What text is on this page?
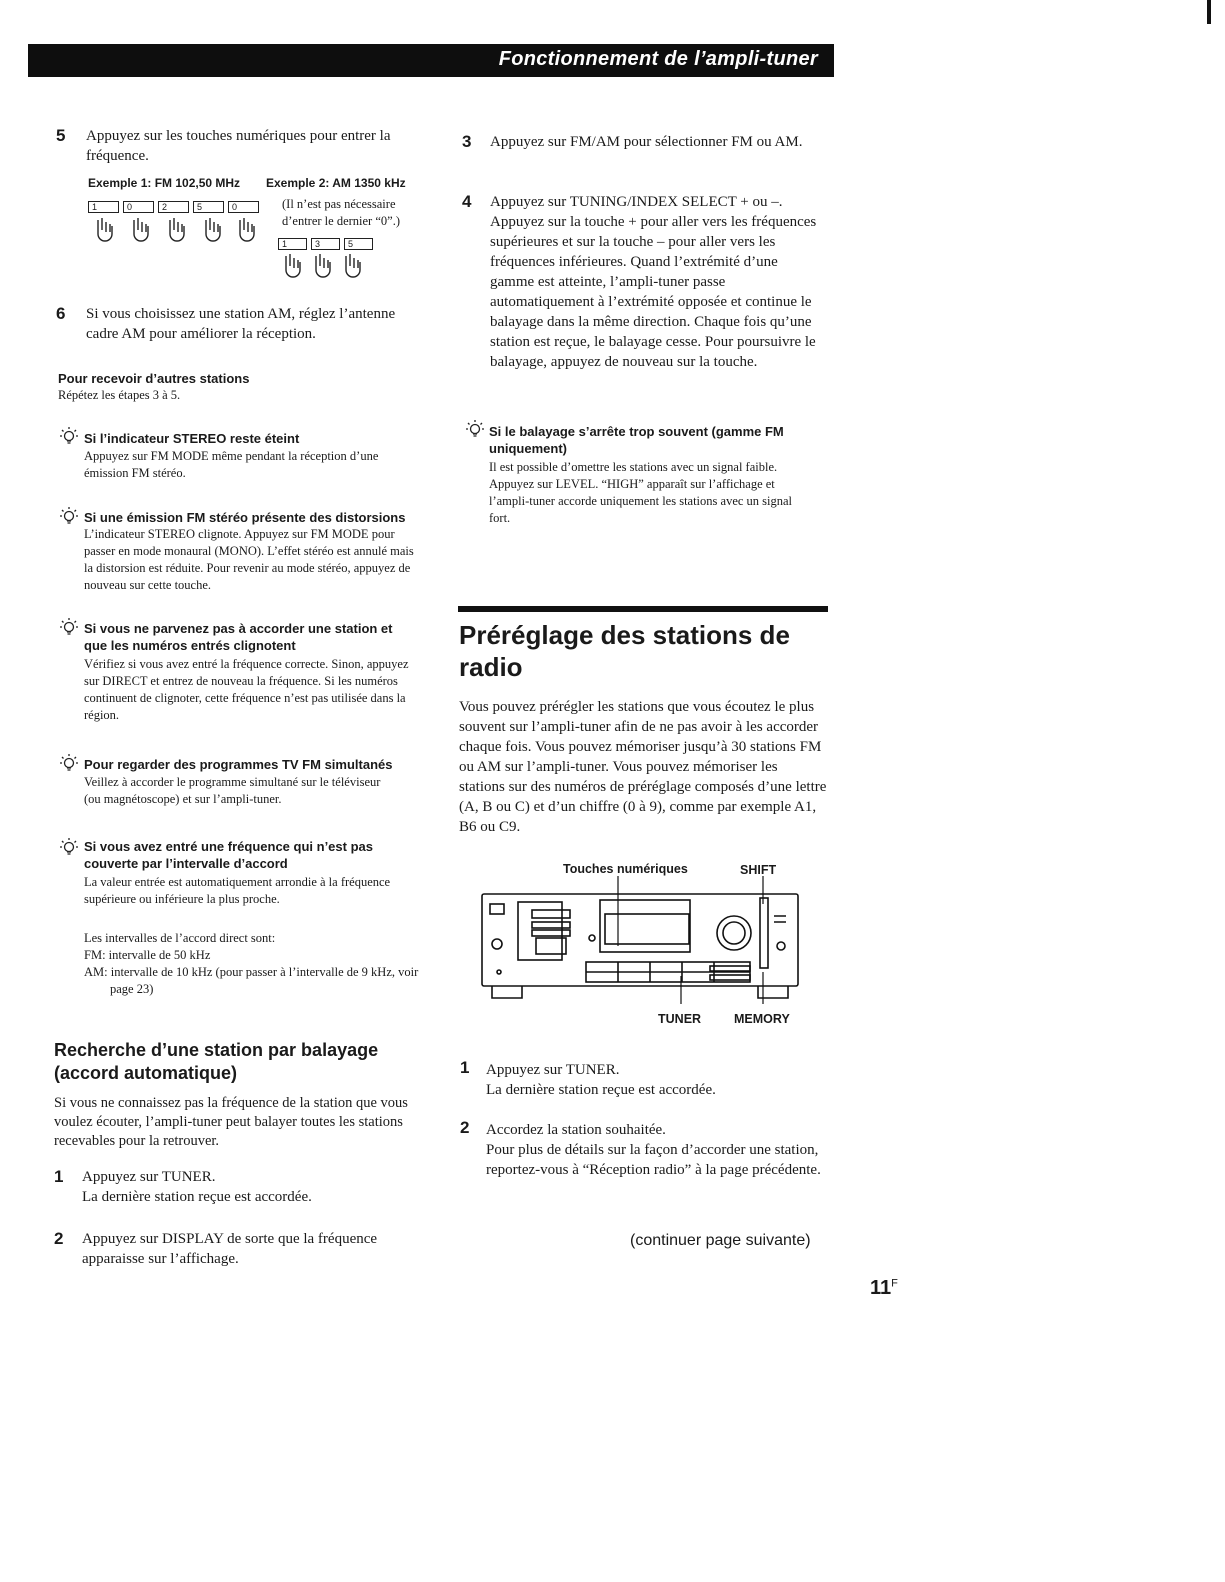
Fonctionnement de l’ampli-tuner
5 Appuyez sur les touches numériques pour entrer la fréquence.
Exemple 1: FM 102,50 MHz Exemple 2: AM 1350 kHz
1	0	2	5	0	(Il n’est pas nécessaire d’entrer le dernier “0”.)
1	3	5
6 Si vous choisissez une station AM, réglez l’antenne cadre AM pour améliorer la réception.
Pour recevoir d’autres stations
Répétez les étapes 3 à 5.
Si l’indicateur STEREO reste éteint
Appuyez sur FM MODE même pendant la réception d’une émission FM stéréo.
Si une émission FM stéréo présente des distorsions
L’indicateur STEREO clignote. Appuyez sur FM MODE pour passer en mode monaural (MONO). L’effet stéréo est annulé mais la distorsion est réduite. Pour revenir au mode stéréo, appuyez de nouveau sur cette touche.
Si vous ne parvenez pas à accorder une station et que les numéros entrés clignotent
Vérifiez si vous avez entré la fréquence correcte. Sinon, appuyez sur DIRECT et entrez de nouveau la fréquence. Si les numéros continuent de clignoter, cette fréquence n’est pas utilisée dans la région.
Pour regarder des programmes TV FM simultanés
Veillez à accorder le programme simultané sur le téléviseur (ou magnétoscope) et sur l’ampli-tuner.
Si vous avez entré une fréquence qui n’est pas couverte par l’intervalle d’accord
La valeur entrée est automatiquement arrondie à la fréquence supérieure ou inférieure la plus proche.
Les intervalles de l’accord direct sont:
FM: intervalle de 50 kHz
AM: intervalle de 10 kHz (pour passer à l’intervalle de 9 kHz, voir page 23)
Recherche d’une station par balayage (accord automatique)
Si vous ne connaissez pas la fréquence de la station que vous voulez écouter, l’ampli-tuner peut balayer toutes les stations recevables pour la retrouver.
1 Appuyez sur TUNER.
La dernière station reçue est accordée.
2 Appuyez sur DISPLAY de sorte que la fréquence apparaisse sur l’affichage.
3 Appuyez sur FM/AM pour sélectionner FM ou AM.
4 Appuyez sur TUNING/INDEX SELECT + ou –. Appuyez sur la touche + pour aller vers les fréquences supérieures et sur la touche – pour aller vers les fréquences inférieures. Quand l’extrémité d’une gamme est atteinte, l’ampli-tuner passe automatiquement à l’extrémité opposée et continue le balayage dans la même direction. Chaque fois qu’une station est reçue, le balayage cesse. Pour poursuivre le balayage, appuyez de nouveau sur la touche.
Si le balayage s’arrête trop souvent (gamme FM uniquement)
Il est possible d’omettre les stations avec un signal faible. Appuyez sur LEVEL. “HIGH” apparaît sur l’affichage et l’ampli-tuner accorde uniquement les stations avec un signal fort.
Préréglage des stations de radio
Vous pouvez prérégler les stations que vous écoutez le plus souvent sur l’ampli-tuner afin de ne pas avoir à les accorder chaque fois. Vous pouvez mémoriser jusqu’à 30 stations FM ou AM sur l’ampli-tuner. Vous pouvez mémoriser les stations sur des numéros de préréglage composés d’une lettre (A, B ou C) et d’un chiffre (0 à 9), comme par exemple A1, B6 ou C9.
Touches numériques	SHIFT
TUNER	MEMORY
1 Appuyez sur TUNER.
La dernière station reçue est accordée.
2 Accordez la station souhaitée.
Pour plus de détails sur la façon d’accorder une station, reportez-vous à “Réception radio” à la page précédente.
(continuer page suivante)
$11^F$
